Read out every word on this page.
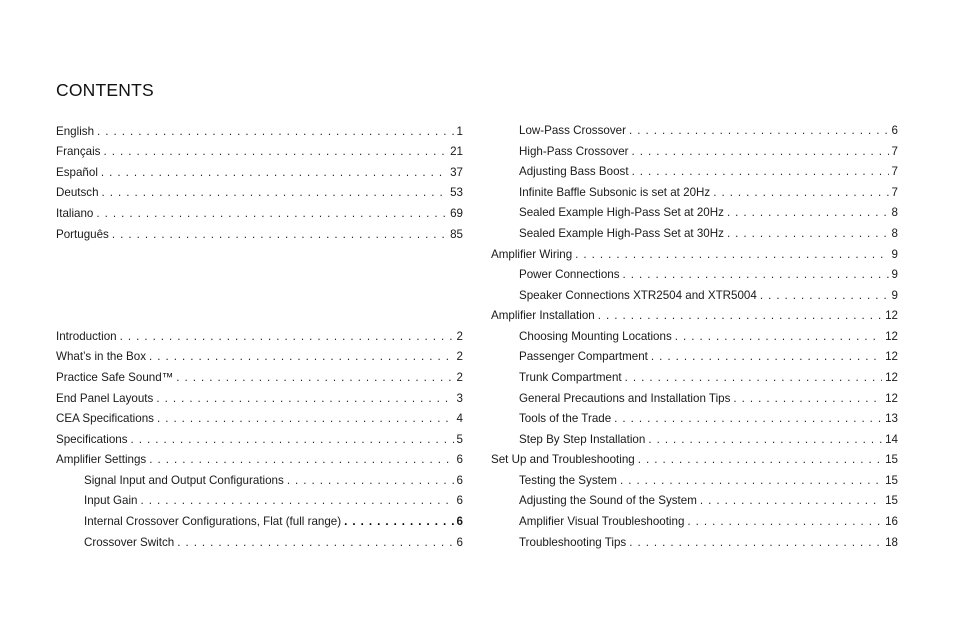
CONTENTS
English . . .	1
Français . . .	21
Español . . .	37
Deutsch . . .	53
Italiano . . .	69
Português . . .	85
Introduction . . .	2
What’s in the Box . . .	2
Practice Safe Sound™ . . .	2
End Panel Layouts . . .	3
CEA Specifications . . .	4
Specifications . . .	5
Amplifier Settings . . .	6
Signal Input and Output Configurations . . .	6
Input Gain . . .	6
Internal Crossover Configurations, Flat (full range) . . .	6
Crossover Switch . . .	6
Low-Pass Crossover . . .	6
High-Pass Crossover . . .	7
Adjusting Bass Boost . . .	7
Infinite Baffle Subsonic is set at 20Hz . . .	7
Sealed Example High-Pass Set at 20Hz . . .	8
Sealed Example High-Pass Set at 30Hz . . .	8
Amplifier Wiring . . .	9
Power Connections . . .	9
Speaker Connections XTR2504 and XTR5004 . . .	9
Amplifier Installation . . .	12
Choosing Mounting Locations . . .	12
Passenger Compartment . . .	12
Trunk Compartment . . .	12
General Precautions and Installation Tips . . .	12
Tools of the Trade . . .	13
Step By Step Installation . . .	14
Set Up and Troubleshooting . . .	15
Testing the System . . .	15
Adjusting the Sound of the System . . .	15
Amplifier Visual Troubleshooting . . .	16
Troubleshooting Tips . . .	18
